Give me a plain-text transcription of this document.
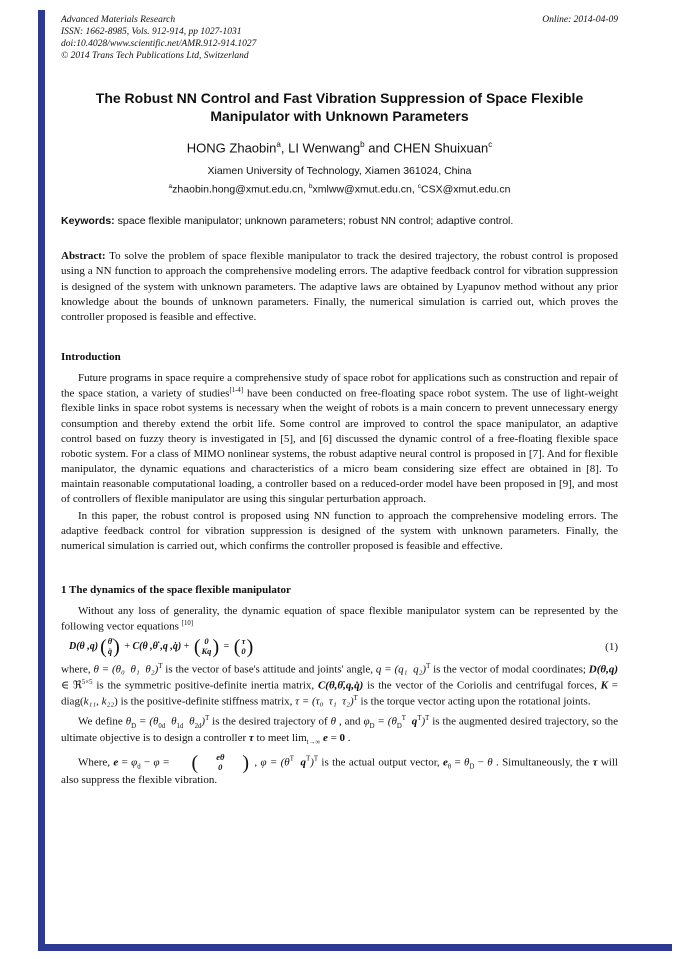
Advanced Materials Research
ISSN: 1662-8985, Vols. 912-914, pp 1027-1031
doi:10.4028/www.scientific.net/AMR.912-914.1027
© 2014 Trans Tech Publications Ltd, Switzerland
Online: 2014-04-09
The Robust NN Control and Fast Vibration Suppression of Space Flexible Manipulator with Unknown Parameters
HONG Zhaobin$^a$, LI Wenwang$^b$ and CHEN Shuixuan$^c$
Xiamen University of Technology, Xiamen 361024, China
$^a$zhaobin.hong@xmut.edu.cn, $^b$xmlww@xmut.edu.cn, $^c$CSX@xmut.edu.cn
Keywords: space flexible manipulator; unknown parameters; robust NN control; adaptive control.
Abstract: To solve the problem of space flexible manipulator to track the desired trajectory, the robust control is proposed using a NN function to approach the comprehensive modeling errors. The adaptive feedback control for vibration suppression is designed of the system with unknown parameters. The adaptive laws are obtained by Lyapunov method without any prior knowledge about the bounds of unknown parameters. Finally, the numerical simulation is carried out, which proves the controller proposed is feasible and effective.
Introduction
Future programs in space require a comprehensive study of space robot for applications such as construction and repair of the space station, a variety of studies[1-4] have been conducted on free-floating space robot system. The use of light-weight flexible links in space robot systems is necessary when the weight of robots is a main concern to prevent unnecessary energy consumption and thereby extend the orbit life. Some control are improved to control the space manipulator, an adaptive control based on fuzzy theory is investigated in [5], and [6] discussed the dynamic control of a free-floating flexible space robotic system. For a class of MIMO nonlinear systems, the robust adaptive neural control is proposed in [7]. And for flexible manipulator, the dynamic equations and characteristics of a micro beam considering size effect are obtained in [8]. To maintain reasonable computational loading, a controller based on a reduced-order model have been proposed in [9], and most of controllers of flexible manipulator are using this singular perturbation approach.
In this paper, the robust control is proposed using NN function to approach the comprehensive modeling errors. The adaptive feedback control for vibration suppression is designed of the system with unknown parameters. Finally, the numerical simulation is carried out, which confirms the controller proposed is feasible and effective.
1 The dynamics of the space flexible manipulator
Without any loss of generality, the dynamic equation of space flexible manipulator system can be represented by the following vector equations [10]
D(θ ,q) ( θ̈
q̈ ) + C(θ ,θ̇ ,q ,q̇) + ( 0
Kq ) = ( τ
0 )	(1)
where, θ = (θ₀  θ₁  θ₂)$^T$ is the vector of base's attitude and joints' angle, q = (q₁  q₂)$^T$ is the vector of modal coordinates; D(θ,q) ∈ ℜ$^{5\times 5}$ is the symmetric positive-definite inertia matrix, C(θ,θ̇,q,q̇) is the vector of the Coriolis and centrifugal forces, K = diag(k₁₁, k₂₂) is the positive-definite stiffness matrix, τ = (τ₀  τ₁  τ₂)$^T$ is the torque vector acting upon the rotational joints.
We define $\theta_D = (\theta_{0d}$  $\theta_{1d}$  $\theta_{2d})^T$ is the desired trajectory of θ , and $\varphi_D = (\theta_D^T$  $q^T)^T$ is the augmented desired trajectory, so the ultimate objective is to design a controller τ to meet $\lim_{t\to\infty} e = 0$ .
Where, $e = \varphi_d - \varphi$ = (	eθ
0 ) , $\varphi = (\theta^T$  $q^T)^T$ is the actual output vector, $e_\theta = \theta_D - \theta$ . Simultaneously, the τ will also suppress the flexible vibration.
